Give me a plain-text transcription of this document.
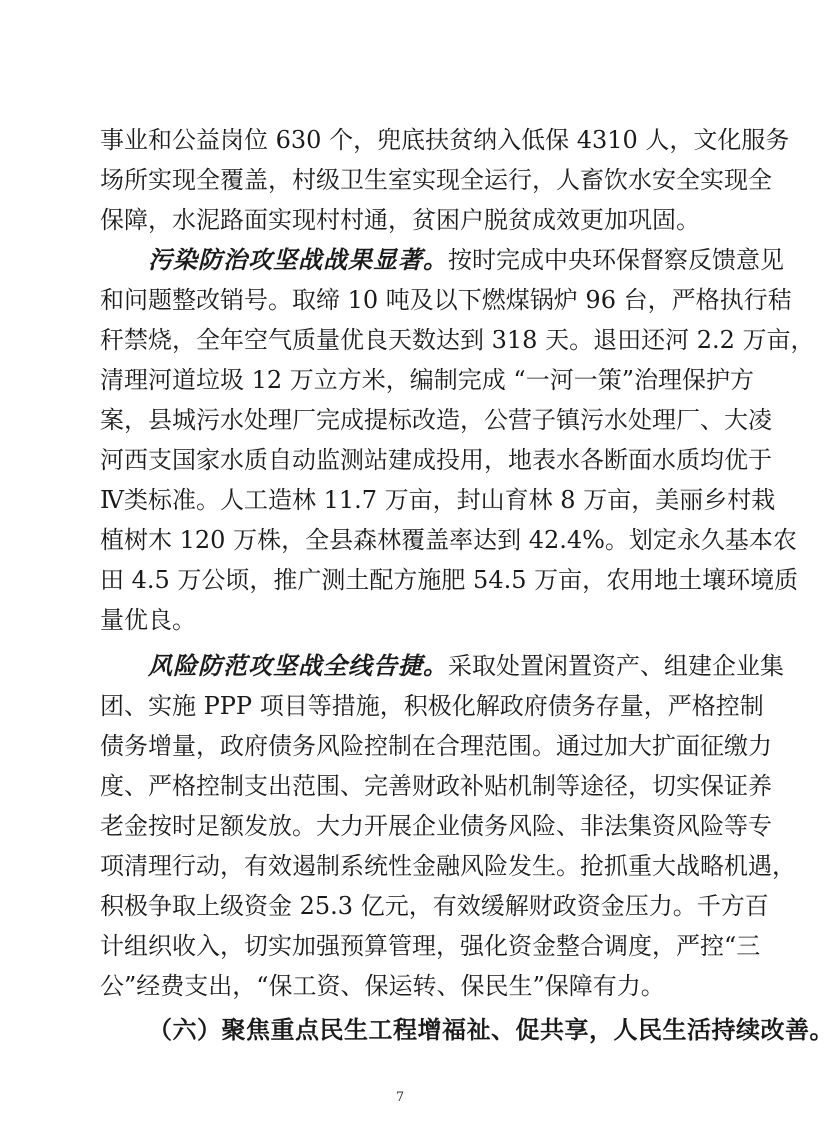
事业和公益岗位 630 个，兜底扶贫纳入低保 4310 人，文化服务
场所实现全覆盖，村级卫生室实现全运行，人畜饮水安全实现全
保障，水泥路面实现村村通，贫困户脱贫成效更加巩固。
污染防治攻坚战战果显著。按时完成中央环保督察反馈意见
和问题整改销号。取缔 10 吨及以下燃煤锅炉 96 台，严格执行秸
秆禁烧，全年空气质量优良天数达到 318 天。退田还河 2.2 万亩，
清理河道垃圾 12 万立方米，编制完成 “一河一策”治理保护方
案，县城污水处理厂完成提标改造，公营子镇污水处理厂、大凌
河西支国家水质自动监测站建成投用，地表水各断面水质均优于
Ⅳ类标准。人工造林 11.7 万亩，封山育林 8 万亩，美丽乡村栽
植树木 120 万株，全县森林覆盖率达到 42.4%。划定永久基本农
田 4.5 万公顷，推广测土配方施肥 54.5 万亩，农用地土壤环境质
量优良。
风险防范攻坚战全线告捷。采取处置闲置资产、组建企业集
7
团、实施 PPP 项目等措施，积极化解政府债务存量，严格控制
债务增量，政府债务风险控制在合理范围。通过加大扩面征缴力
度、严格控制支出范围、完善财政补贴机制等途径，切实保证养
老金按时足额发放。大力开展企业债务风险、非法集资风险等专
项清理行动，有效遏制系统性金融风险发生。抢抓重大战略机遇，
积极争取上级资金 25.3 亿元，有效缓解财政资金压力。千方百
计组织收入，切实加强预算管理，强化资金整合调度，严控“三
公”经费支出，“保工资、保运转、保民生”保障有力。
（六）聚焦重点民生工程增福祉、促共享，人民生活持续改善。
